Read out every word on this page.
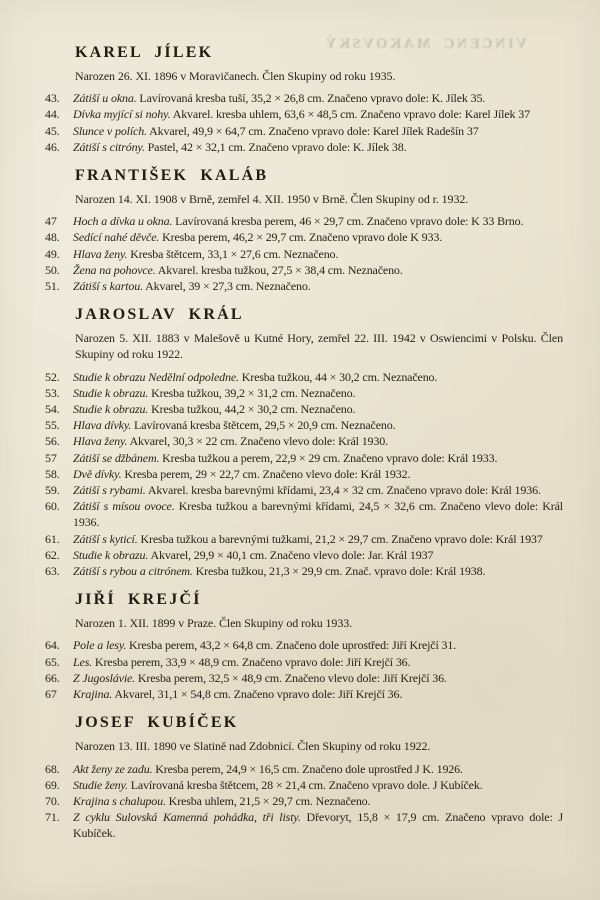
VINCENC MAKOVSKÝ
KAREL JÍLEK

Narozen 26. XI. 1896 v Moravičanech. Člen Skupiny od roku 1935.

43.	Zátiší u okna. Lavírovaná kresba tuší, 35,2 × 26,8 cm. Značeno vpravo dole: K. Jílek 35.
44.	Dívka myjící si nohy. Akvarel. kresba uhlem, 63,6 × 48,5 cm. Značeno vpravo dole: Karel Jílek 37
45.	Slunce v polích. Akvarel, 49,9 × 64,7 cm. Značeno vpravo dole: Karel Jílek Radešín 37
46.	Zátiší s citróny. Pastel, 42 × 32,1 cm. Značeno vpravo dole: K. Jílek 38.
FRANTIŠEK KALÁB

Narozen 14. XI. 1908 v Brně, zemřel 4. XII. 1950 v Brně. Člen Skupiny od r. 1932.

47	Hoch a dívka u okna. Lavírovaná kresba perem, 46 × 29,7 cm. Značeno vpravo dole: K 33 Brno.
48.	Sedící nahé děvče. Kresba perem, 46,2 × 29,7 cm. Značeno vpravo dole K 933.
49.	Hlava ženy. Kresba štětcem, 33,1 × 27,6 cm. Neznačeno.
50.	Žena na pohovce. Akvarel. kresba tužkou, 27,5 × 38,4 cm. Neznačeno.
51.	Zátiší s kartou. Akvarel, 39 × 27,3 cm. Neznačeno.
JAROSLAV KRÁL

Narozen 5. XII. 1883 v Malešově u Kutné Hory, zemřel 22. III. 1942 v Oswiencimi v Polsku. Člen Skupiny od roku 1922.

52.	Studie k obrazu Nedělní odpoledne. Kresba tužkou, 44 × 30,2 cm. Neznačeno.
53.	Studie k obrazu. Kresba tužkou, 39,2 × 31,2 cm. Neznačeno.
54.	Studie k obrazu. Kresba tužkou, 44,2 × 30,2 cm. Neznačeno.
55.	Hlava dívky. Lavírovaná kresba štětcem, 29,5 × 20,9 cm. Neznačeno.
56.	Hlava ženy. Akvarel, 30,3 × 22 cm. Značeno vlevo dole: Král 1930.
57	Zátiší se džbánem. Kresba tužkou a perem, 22,9 × 29 cm. Značeno vpravo dole: Král 1933.
58.	Dvě dívky. Kresba perem, 29 × 22,7 cm. Značeno vlevo dole: Král 1932.
59.	Zátiší s rybami. Akvarel. kresba barevnými křídami, 23,4 × 32 cm. Značeno vpravo dole: Král 1936.
60.	Zátiší s mísou ovoce. Kresba tužkou a barevnými křídami, 24,5 × 32,6 cm. Značeno vlevo dole: Král 1936.
61.	Zátiší s kyticí. Kresba tužkou a barevnými tužkami, 21,2 × 29,7 cm. Značeno vpravo dole: Král 1937
62.	Studie k obrazu. Akvarel, 29,9 × 40,1 cm. Značeno vlevo dole: Jar. Král 1937
63.	Zátiší s rybou a citrónem. Kresba tužkou, 21,3 × 29,9 cm. Znač. vpravo dole: Král 1938.
JIŘÍ KREJČÍ

Narozen 1. XII. 1899 v Praze. Člen Skupiny od roku 1933.

64.	Pole a lesy. Kresba perem, 43,2 × 64,8 cm. Značeno dole uprostřed: Jiří Krejčí 31.
65.	Les. Kresba perem, 33,9 × 48,9 cm. Značeno vpravo dole: Jiří Krejčí 36.
66.	Z Jugoslávie. Kresba perem, 32,5 × 48,9 cm. Značeno vlevo dole: Jiří Krejčí 36.
67	Krajina. Akvarel, 31,1 × 54,8 cm. Značeno vpravo dole: Jiří Krejčí 36.
JOSEF KUBÍČEK

Narozen 13. III. 1890 ve Slatině nad Zdobnicí. Člen Skupiny od roku 1922.

68.	Akt ženy ze zadu. Kresba perem, 24,9 × 16,5 cm. Značeno dole uprostřed J K. 1926.
69.	Studie ženy. Lavírovaná kresba štětcem, 28 × 21,4 cm. Značeno vpravo dole. J Kubíček.
70.	Krajina s chalupou. Kresba uhlem, 21,5 × 29,7 cm. Neznačeno.
71.	Z cyklu Sulovská Kamenná pohádka, tři listy. Dřevoryt, 15,8 × 17,9 cm. Značeno vpravo dole: J Kubíček.
